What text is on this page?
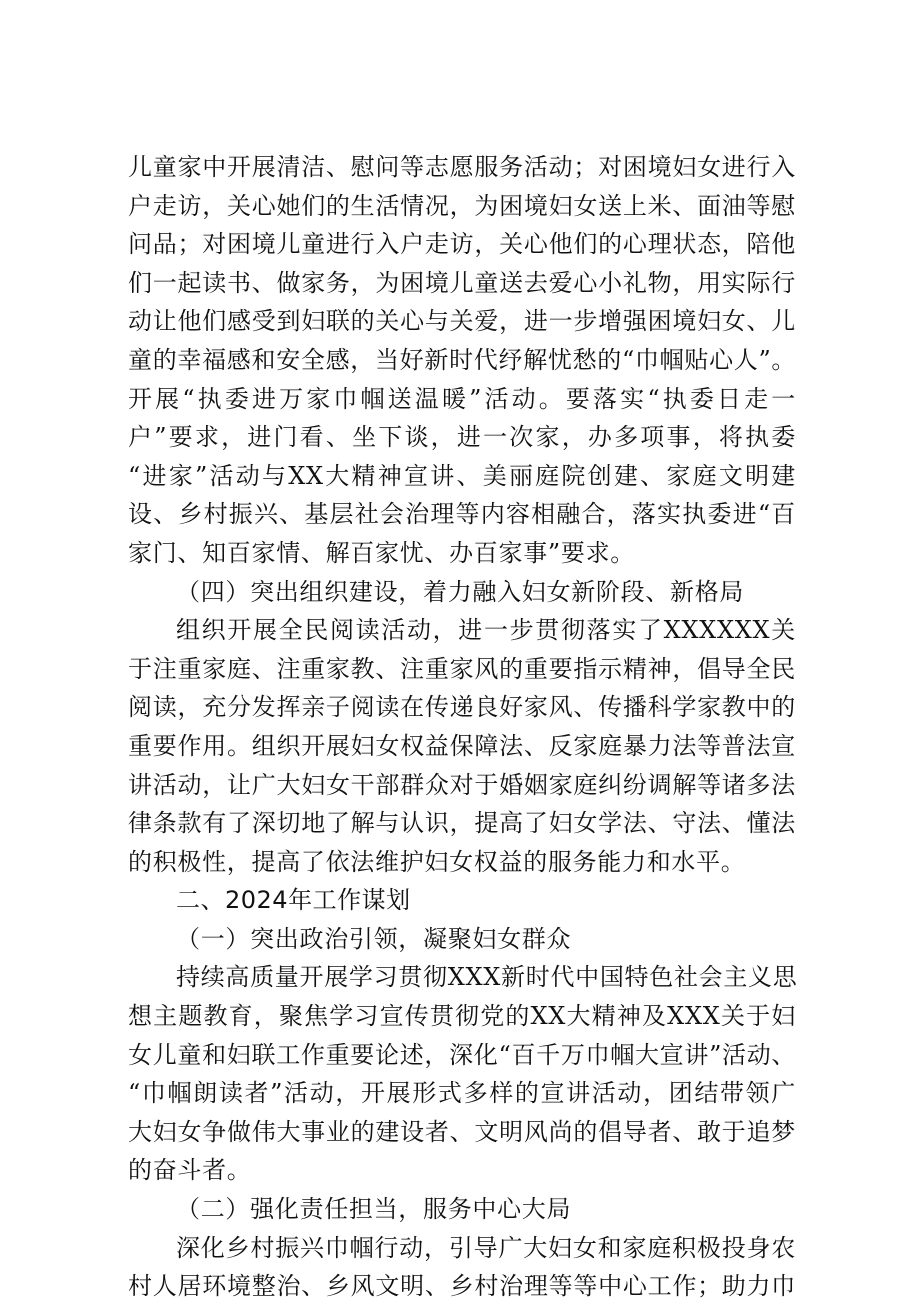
儿童家中开展清洁、慰问等志愿服务活动；对困境妇女进行入
户走访，关心她们的生活情况，为困境妇女送上米、面油等慰
问品；对困境儿童进行入户走访，关心他们的心理状态，陪他
们一起读书、做家务，为困境儿童送去爱心小礼物，用实际行
动让他们感受到妇联的关心与关爱，进一步增强困境妇女、儿
童的幸福感和安全感，当好新时代纾解忧愁的“巾帼贴心人”。
开展“执委进万家巾帼送温暖”活动。要落实“执委日走一
户”要求，进门看、坐下谈，进一次家，办多项事，将执委
“进家”活动与XX大精神宣讲、美丽庭院创建、家庭文明建
设、乡村振兴、基层社会治理等内容相融合，落实执委进“百
家门、知百家情、解百家忧、办百家事”要求。
（四）突出组织建设，着力融入妇女新阶段、新格局
组织开展全民阅读活动，进一步贯彻落实了XXXXXX关
于注重家庭、注重家教、注重家风的重要指示精神，倡导全民
阅读，充分发挥亲子阅读在传递良好家风、传播科学家教中的
重要作用。组织开展妇女权益保障法、反家庭暴力法等普法宣
讲活动，让广大妇女干部群众对于婚姻家庭纠纷调解等诸多法
律条款有了深切地了解与认识，提高了妇女学法、守法、懂法
的积极性，提高了依法维护妇女权益的服务能力和水平。
二、2024年工作谋划
（一）突出政治引领，凝聚妇女群众
持续高质量开展学习贯彻XXX新时代中国特色社会主义思
想主题教育，聚焦学习宣传贯彻党的XX大精神及XXX关于妇
女儿童和妇联工作重要论述，深化“百千万巾帼大宣讲”活动、
“巾帼朗读者”活动，开展形式多样的宣讲活动，团结带领广
大妇女争做伟大事业的建设者、文明风尚的倡导者、敢于追梦
的奋斗者。
（二）强化责任担当，服务中心大局
深化乡村振兴巾帼行动，引导广大妇女和家庭积极投身农
村人居环境整治、乡风文明、乡村治理等等中心工作；助力巾
